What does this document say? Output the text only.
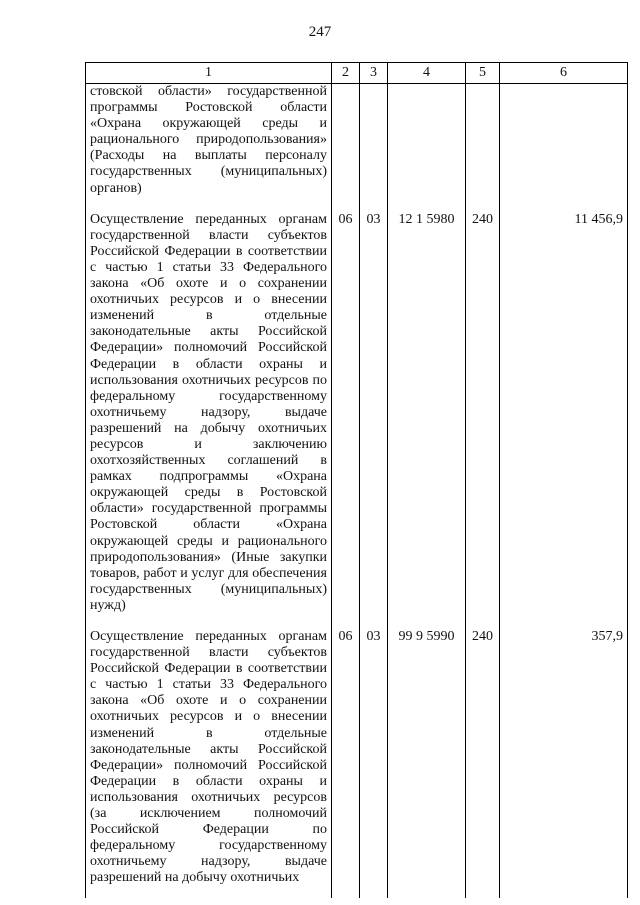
247
1	2	3	4	5	6
стовской области» государственной программы Ростовской области «Охрана окружающей среды и рационального природопользования» (Расходы на выплаты персоналу государственных (муниципальных) органов)					
Осуществление переданных органам государственной власти субъектов Российской Федерации в соответствии с частью 1 статьи 33 Федерального закона «Об охоте и о сохранении охотничьих ресурсов и о внесении изменений в отдельные законодательные акты Российской Федерации» полномочий Российской Федерации в области охраны и использования охотничьих ресурсов по федеральному государственному охотничьему надзору, выдаче разрешений на добычу охотничьих ресурсов и заключению охотхозяйственных соглашений в рамках подпрограммы «Охрана окружающей среды в Ростовской области» государственной программы Ростовской области «Охрана окружающей среды и рационального природопользования» (Иные закупки товаров, работ и услуг для обеспечения государственных (муниципальных) нужд)	06	03	12 1 5980	240	11 456,9
Осуществление переданных органам государственной власти субъектов Российской Федерации в соответствии с частью 1 статьи 33 Федерального закона «Об охоте и о сохранении охотничьих ресурсов и о внесении изменений в отдельные законодательные акты Российской Федерации» полномочий Российской Федерации в области охраны и использования охотничьих ресурсов (за исключением полномочий Российской Федерации по федеральному государственному охотничьему надзору, выдаче разрешений на добычу охотничьих	06	03	99 9 5990	240	357,9
